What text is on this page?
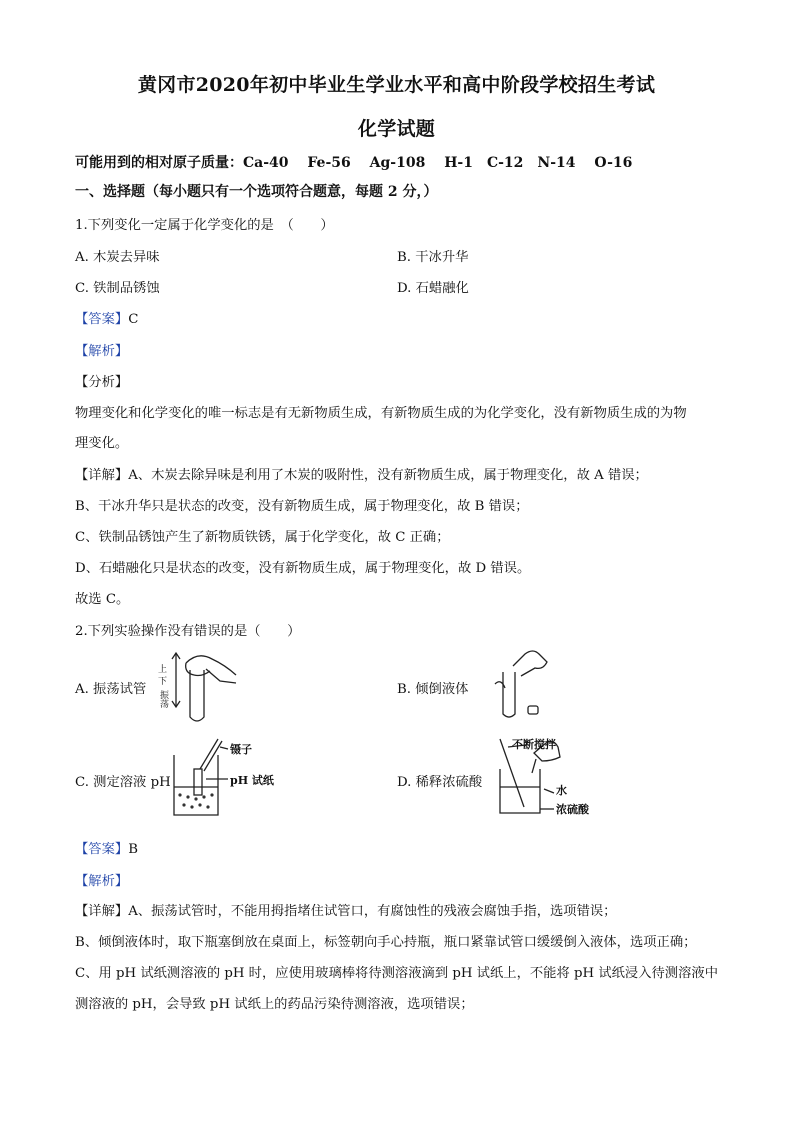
黄冈市2020年初中毕业生学业水平和高中阶段学校招生考试
化学试题
可能用到的相对原子质量：Ca-40　 Fe-56　 Ag-108　 H-1　C-12　N-14　 O-16
一、选择题（每小题只有一个选项符合题意，每题 2 分，）
1.下列变化一定属于化学变化的是　（　　）
A. 木炭去异味	B. 干冰升华
C. 铁制品锈蚀	D. 石蜡融化
【答案】C
【解析】
【分析】
物理变化和化学变化的唯一标志是有无新物质生成，有新物质生成的为化学变化，没有新物质生成的为物
理变化。
【详解】A、木炭去除异味是利用了木炭的吸附性，没有新物质生成，属于物理变化，故 A 错误；
B、干冰升华只是状态的改变，没有新物质生成，属于物理变化，故 B 错误；
C、铁制品锈蚀产生了新物质铁锈，属于化学变化，故 C 正确；
D、石蜡融化只是状态的改变，没有新物质生成，属于物理变化，故 D 错误。
故选 C。
2.下列实验操作没有错误的是（　　）
A. 振荡试管
上
下
振荡
B. 倾倒液体
C. 测定溶液 pH
镊子
pH 试纸	D. 稀释浓硫酸
不断搅拌
水
浓硫酸
【答案】B
【解析】
【详解】A、振荡试管时，不能用拇指堵住试管口，有腐蚀性的残液会腐蚀手指，选项错误；
B、倾倒液体时，取下瓶塞倒放在桌面上，标签朝向手心持瓶，瓶口紧靠试管口缓缓倒入液体，选项正确；
C、用 pH 试纸测溶液的 pH 时，应使用玻璃棒将待测溶液滴到 pH 试纸上，不能将 pH 试纸浸入待测溶液中
测溶液的 pH，会导致 pH 试纸上的药品污染待测溶液，选项错误；
